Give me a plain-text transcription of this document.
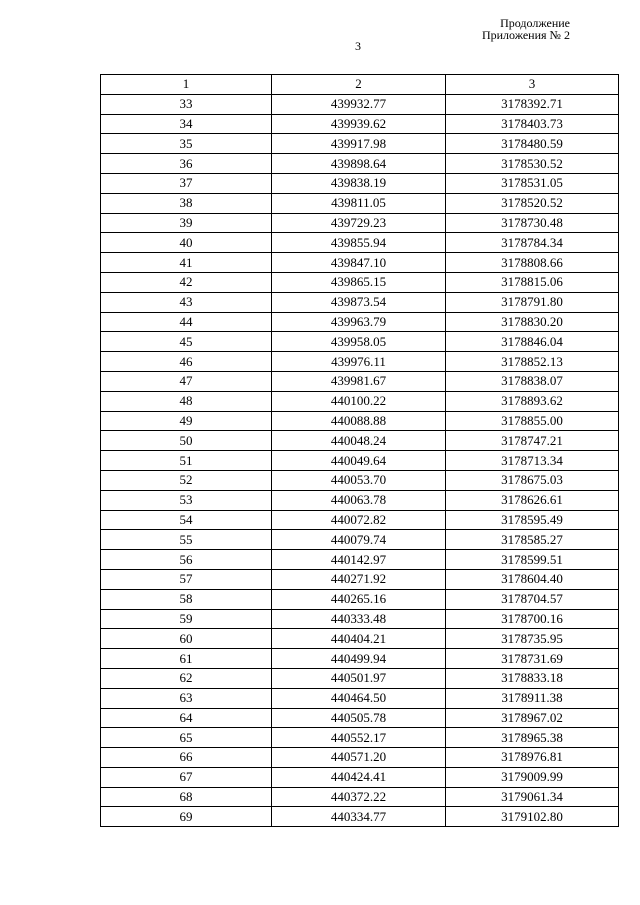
Продолжение
Приложения № 2
3
1	2	3
33	439932.77	3178392.71
34	439939.62	3178403.73
35	439917.98	3178480.59
36	439898.64	3178530.52
37	439838.19	3178531.05
38	439811.05	3178520.52
39	439729.23	3178730.48
40	439855.94	3178784.34
41	439847.10	3178808.66
42	439865.15	3178815.06
43	439873.54	3178791.80
44	439963.79	3178830.20
45	439958.05	3178846.04
46	439976.11	3178852.13
47	439981.67	3178838.07
48	440100.22	3178893.62
49	440088.88	3178855.00
50	440048.24	3178747.21
51	440049.64	3178713.34
52	440053.70	3178675.03
53	440063.78	3178626.61
54	440072.82	3178595.49
55	440079.74	3178585.27
56	440142.97	3178599.51
57	440271.92	3178604.40
58	440265.16	3178704.57
59	440333.48	3178700.16
60	440404.21	3178735.95
61	440499.94	3178731.69
62	440501.97	3178833.18
63	440464.50	3178911.38
64	440505.78	3178967.02
65	440552.17	3178965.38
66	440571.20	3178976.81
67	440424.41	3179009.99
68	440372.22	3179061.34
69	440334.77	3179102.80
